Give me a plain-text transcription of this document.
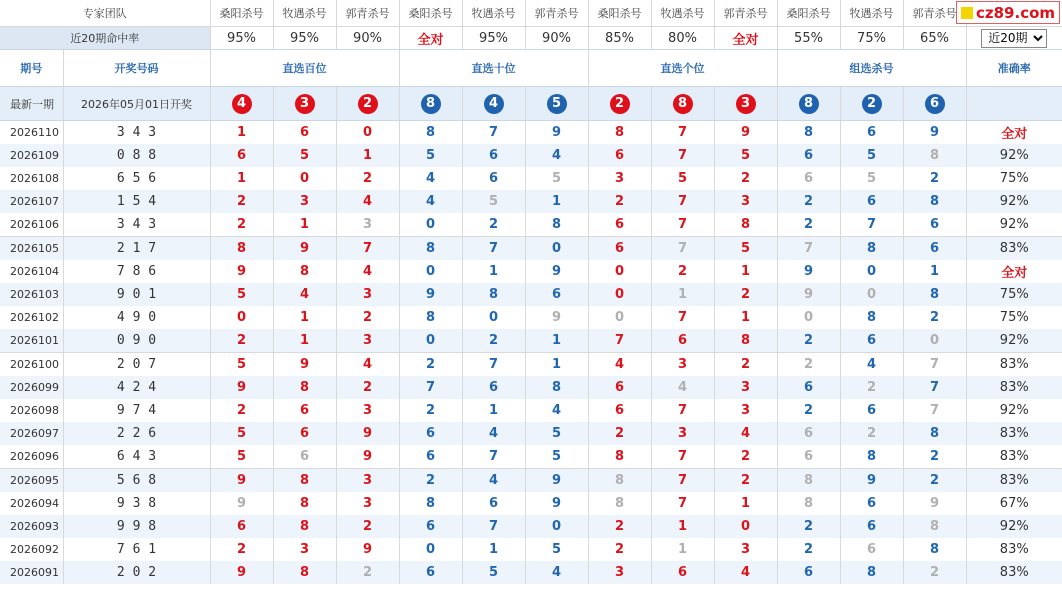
cz89.com
专家团队		桑阳杀号	牧遇杀号	郭青杀号	桑阳杀号	牧遇杀号	郭青杀号	桑阳杀号	牧遇杀号	郭青杀号	桑阳杀号	牧遇杀号	郭青杀号	
近20期命中率		95%	95%	90%	全对	95%	90%	85%	80%	全对	55%	75%	65%	
近20期
期号	开奖号码	直选百位			直选十位			直选个位			组选杀号			准确率
最新一期	2026年05月01日开奖	4	3	2	8	4	5	2	8	3	8	2	6	
2026110	3 4 3	1	6	0	8	7	9	8	7	9	8	6	9	全对
2026109	0 8 8	6	5	1	5	6	4	6	7	5	6	5	8	92%
2026108	6 5 6	1	0	2	4	6	5	3	5	2	6	5	2	75%
2026107	1 5 4	2	3	4	4	5	1	2	7	3	2	6	8	92%
2026106	3 4 3	2	1	3	0	2	8	6	7	8	2	7	6	92%
2026105	2 1 7	8	9	7	8	7	0	6	7	5	7	8	6	83%
2026104	7 8 6	9	8	4	0	1	9	0	2	1	9	0	1	全对
2026103	9 0 1	5	4	3	9	8	6	0	1	2	9	0	8	75%
2026102	4 9 0	0	1	2	8	0	9	0	7	1	0	8	2	75%
2026101	0 9 0	2	1	3	0	2	1	7	6	8	2	6	0	92%
2026100	2 0 7	5	9	4	2	7	1	4	3	2	2	4	7	83%
2026099	4 2 4	9	8	2	7	6	8	6	4	3	6	2	7	83%
2026098	9 7 4	2	6	3	2	1	4	6	7	3	2	6	7	92%
2026097	2 2 6	5	6	9	6	4	5	2	3	4	6	2	8	83%
2026096	6 4 3	5	6	9	6	7	5	8	7	2	6	8	2	83%
2026095	5 6 8	9	8	3	2	4	9	8	7	2	8	9	2	83%
2026094	9 3 8	9	8	3	8	6	9	8	7	1	8	6	9	67%
2026093	9 9 8	6	8	2	6	7	0	2	1	0	2	6	8	92%
2026092	7 6 1	2	3	9	0	1	5	2	1	3	2	6	8	83%
2026091	2 0 2	9	8	2	6	5	4	3	6	4	6	8	2	83%
